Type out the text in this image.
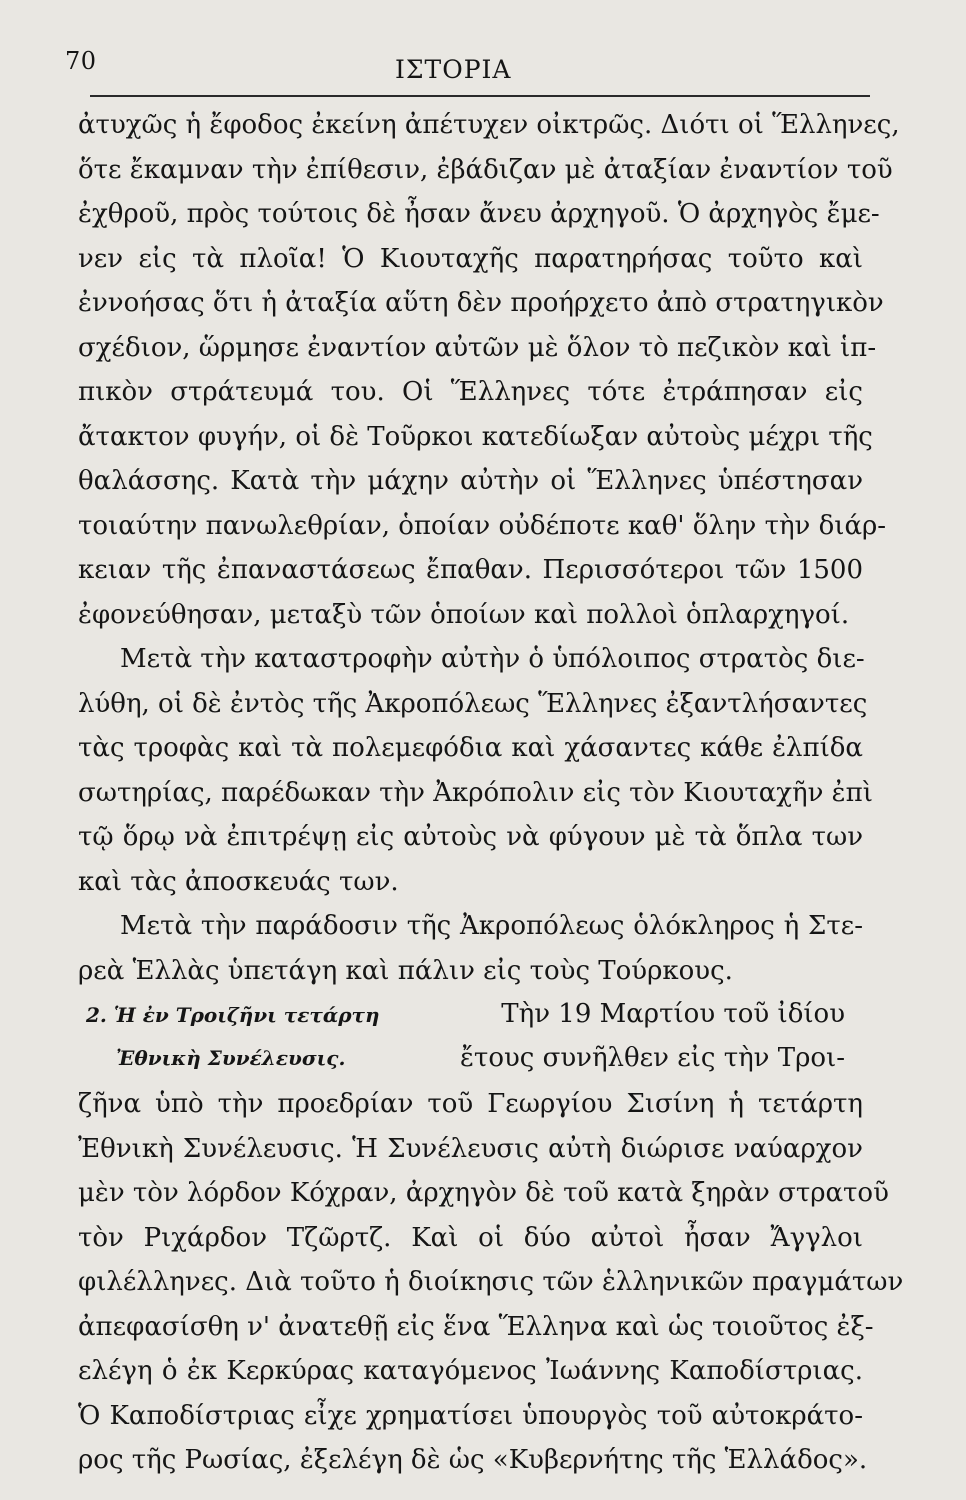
70	ΙΣΤΟΡΙΑ
ἀτυχῶς ἡ ἔφοδος ἐκείνη ἀπέτυχεν οἰκτρῶς. Διότι οἱ Ἕλληνες,
ὅτε ἔκαμναν τὴν ἐπίθεσιν, ἐβάδιζαν μὲ ἀταξίαν ἐναντίον τοῦ
ἐχθροῦ, πρὸς τούτοις δὲ ἦσαν ἄνευ ἀρχηγοῦ. Ὁ ἀρχηγὸς ἔμε-
νεν εἰς τὰ πλοῖα! Ὁ Κιουταχῆς παρατηρήσας τοῦτο καὶ
ἐννοήσας ὅτι ἡ ἀταξία αὕτη δὲν προήρχετο ἀπὸ στρατηγικὸν
σχέδιον, ὥρμησε ἐναντίον αὐτῶν μὲ ὅλον τὸ πεζικὸν καὶ ἱπ-
πικὸν στράτευμά του. Οἱ Ἕλληνες τότε ἐτράπησαν εἰς
ἄτακτον φυγήν, οἱ δὲ Τοῦρκοι κατεδίωξαν αὐτοὺς μέχρι τῆς
θαλάσσης. Κατὰ τὴν μάχην αὐτὴν οἱ Ἕλληνες ὑπέστησαν
τοιαύτην πανωλεθρίαν, ὁποίαν οὐδέποτε καθ' ὅλην τὴν διάρ-
κειαν τῆς ἐπαναστάσεως ἔπαθαν. Περισσότεροι τῶν 1500
ἐφονεύθησαν, μεταξὺ τῶν ὁποίων καὶ πολλοὶ ὁπλαρχηγοί.
Μετὰ τὴν καταστροφὴν αὐτὴν ὁ ὑπόλοιπος στρατὸς διε-
λύθη, οἱ δὲ ἐντὸς τῆς Ἀκροπόλεως Ἕλληνες ἐξαντλήσαντες
τὰς τροφὰς καὶ τὰ πολεμεφόδια καὶ χάσαντες κάθε ἐλπίδα
σωτηρίας, παρέδωκαν τὴν Ἀκρόπολιν εἰς τὸν Κιουταχῆν ἐπὶ
τῷ ὅρῳ νὰ ἐπιτρέψῃ εἰς αὐτοὺς νὰ φύγουν μὲ τὰ ὅπλα των
καὶ τὰς ἀποσκευάς των.
Μετὰ τὴν παράδοσιν τῆς Ἀκροπόλεως ὁλόκληρος ἡ Στε-
ρεὰ Ἑλλὰς ὑπετάγη καὶ πάλιν εἰς τοὺς Τούρκους.
2. Ἡ ἐν Τροιζῆνι τετάρτη
Ἐθνικὴ Συνέλευσις.
Τὴν 19 Μαρτίου τοῦ ἰδίου
ἔτους συνῆλθεν εἰς τὴν Τροι-
ζῆνα ὑπὸ τὴν προεδρίαν τοῦ Γεωργίου Σισίνη ἡ τετάρτη
Ἐθνικὴ Συνέλευσις. Ἡ Συνέλευσις αὐτὴ διώρισε ναύαρχον
μὲν τὸν λόρδον Κόχραν, ἀρχηγὸν δὲ τοῦ κατὰ ξηρὰν στρατοῦ
τὸν Ριχάρδον Τζῶρτζ. Καὶ οἱ δύο αὐτοὶ ἦσαν Ἄγγλοι
φιλέλληνες. Διὰ τοῦτο ἡ διοίκησις τῶν ἑλληνικῶν πραγμάτων
ἀπεφασίσθη ν' ἀνατεθῇ εἰς ἕνα Ἕλληνα καὶ ὡς τοιοῦτος ἐξ-
ελέγη ὁ ἐκ Κερκύρας καταγόμενος Ἰωάννης Καποδίστριας.
Ὁ Καποδίστριας εἶχε χρηματίσει ὑπουργὸς τοῦ αὐτοκράτο-
ρος τῆς Ρωσίας, ἐξελέγη δὲ ὡς «Κυβερνήτης τῆς Ἑλλάδος».
